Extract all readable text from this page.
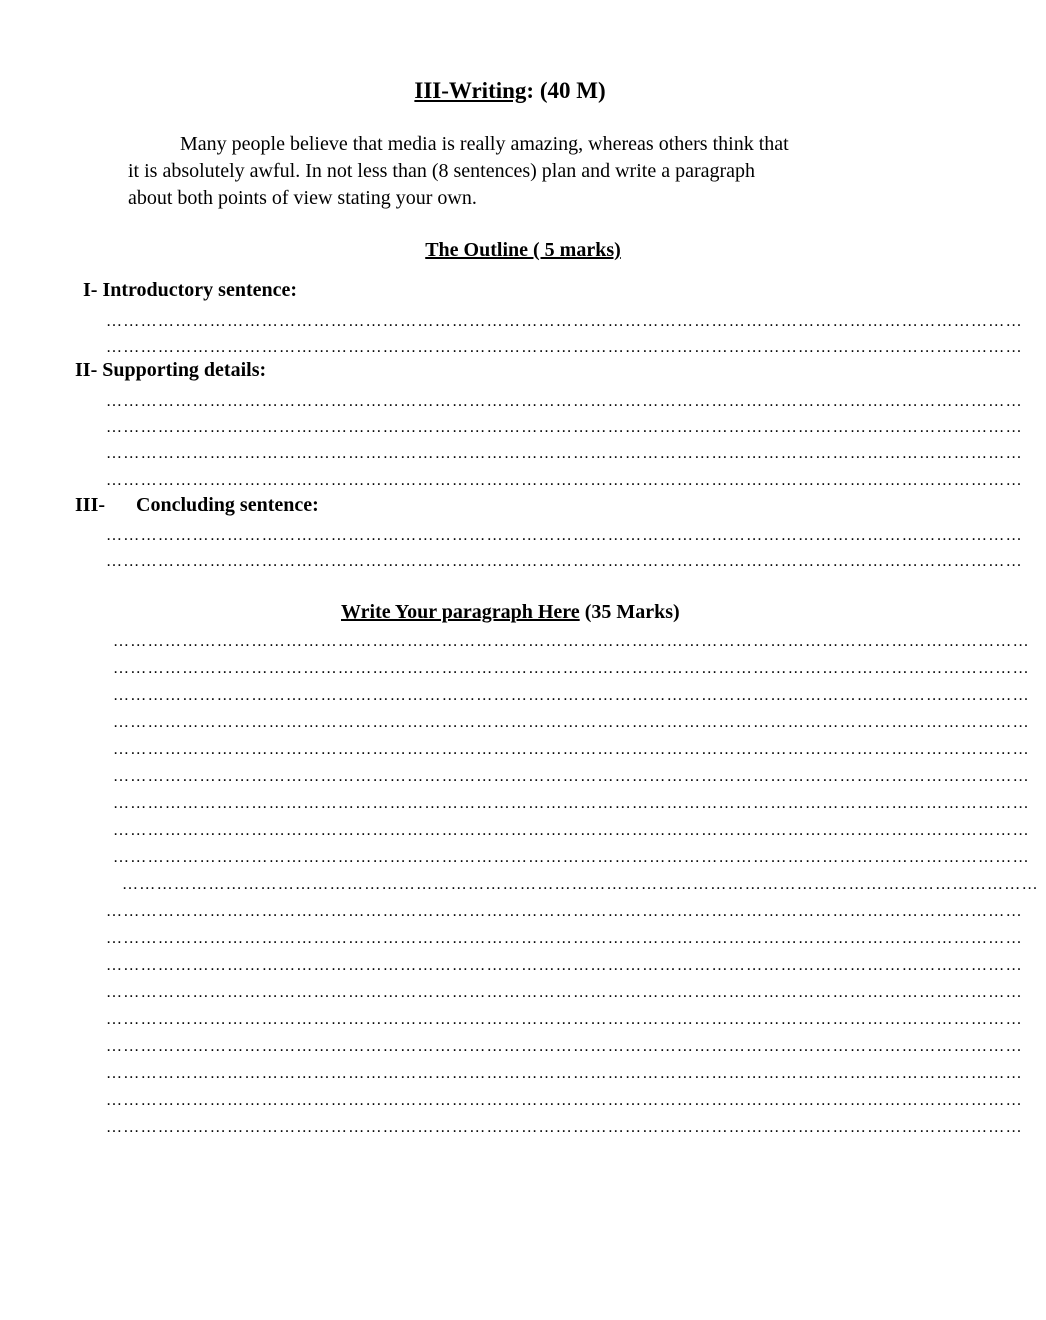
III-Writing: (40 M)
Many people believe that media is really amazing, whereas others think that
it is absolutely awful. In not less than (8 sentences) plan and write a paragraph
about both points of view stating your own.
The Outline ( 5 marks)
I- Introductory sentence:
……………………………………………………………………………………………………………………………………………
……………………………………………………………………………………………………………………………………………
II- Supporting details:
……………………………………………………………………………………………………………………………………………
……………………………………………………………………………………………………………………………………………
……………………………………………………………………………………………………………………………………………
……………………………………………………………………………………………………………………………………………
III- Concluding sentence:
……………………………………………………………………………………………………………………………………………
……………………………………………………………………………………………………………………………………………
Write Your paragraph Here (35 Marks)
……………………………………………………………………………………………………………………………………………
……………………………………………………………………………………………………………………………………………
……………………………………………………………………………………………………………………………………………
……………………………………………………………………………………………………………………………………………
……………………………………………………………………………………………………………………………………………
……………………………………………………………………………………………………………………………………………
……………………………………………………………………………………………………………………………………………
……………………………………………………………………………………………………………………………………………
……………………………………………………………………………………………………………………………………………
……………………………………………………………………………………………………………………………………………
……………………………………………………………………………………………………………………………………………
……………………………………………………………………………………………………………………………………………
……………………………………………………………………………………………………………………………………………
……………………………………………………………………………………………………………………………………………
……………………………………………………………………………………………………………………………………………
……………………………………………………………………………………………………………………………………………
……………………………………………………………………………………………………………………………………………
……………………………………………………………………………………………………………………………………………
……………………………………………………………………………………………………………………………………………
